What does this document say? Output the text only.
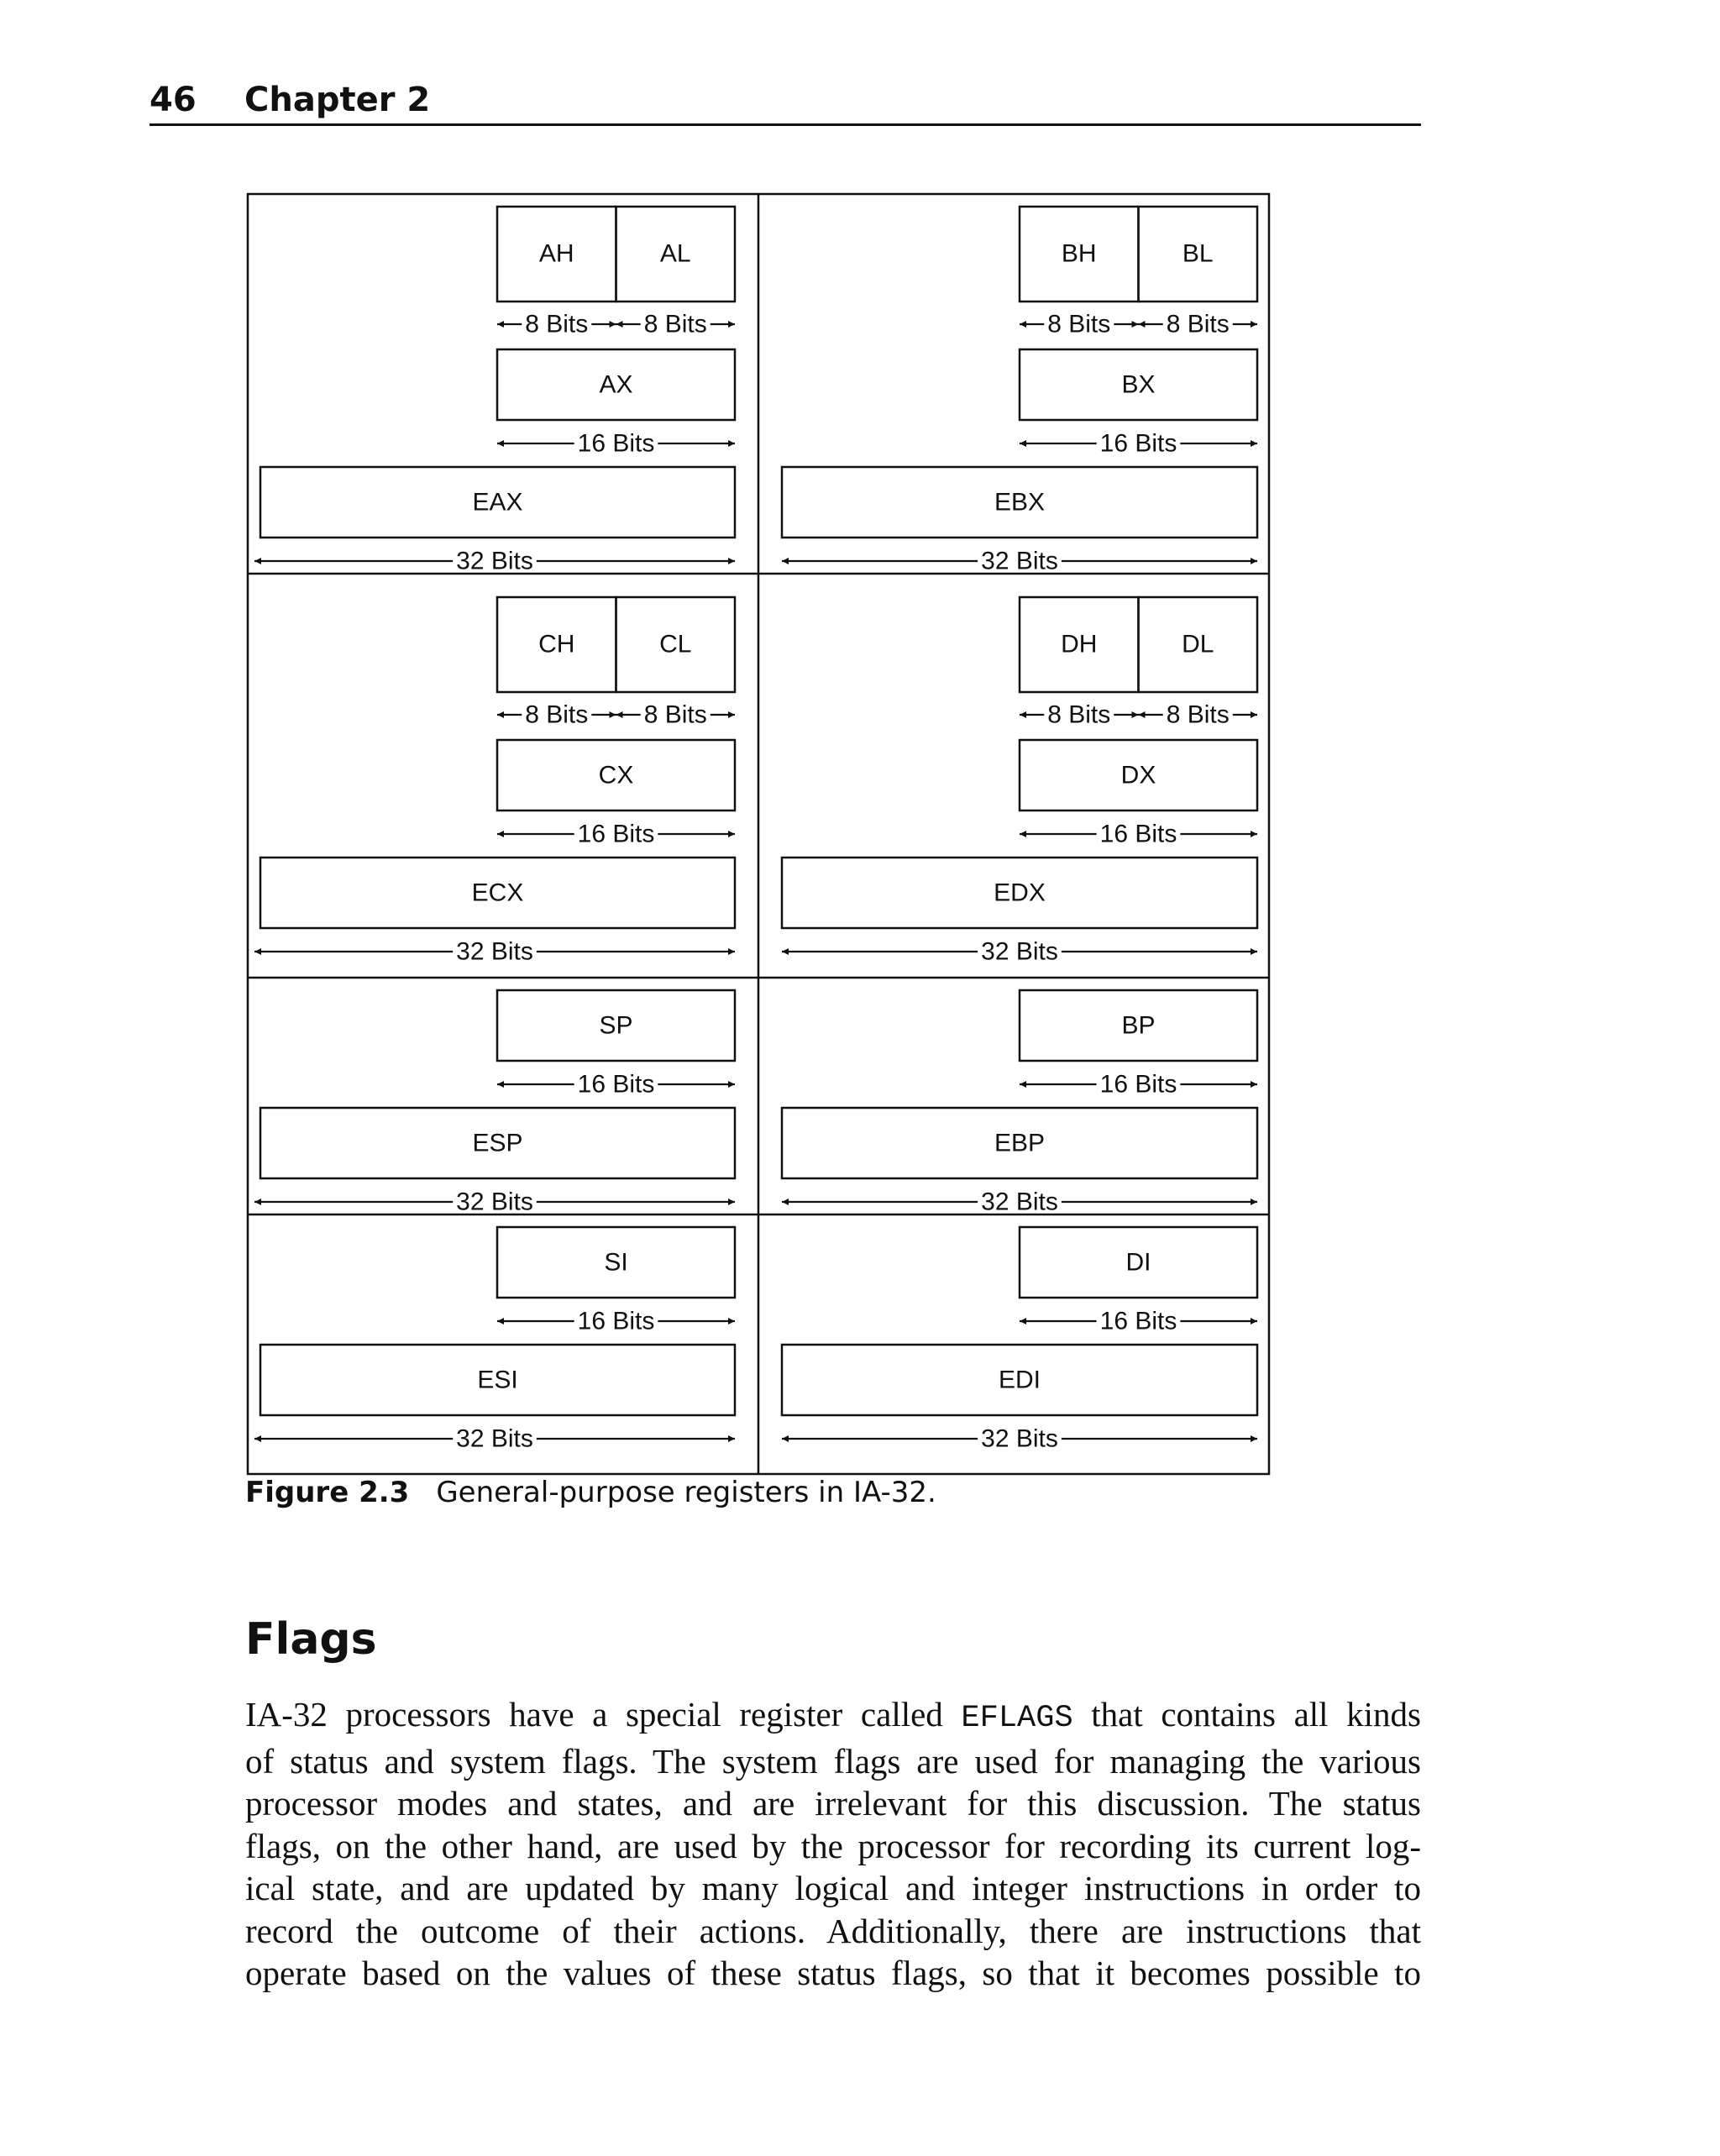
46 Chapter 2
AH	AL
8 Bits 8 Bits
AX
16 Bits
EAX
32 Bits
BH	BL
8 Bits 8 Bits
BX
16 Bits
EBX
32 Bits
CH	CL
8 Bits 8 Bits
CX
16 Bits
ECX
32 Bits
DH	DL
8 Bits 8 Bits
DX
16 Bits
EDX
32 Bits
SP
16 Bits
ESP
32 Bits
BP
16 Bits
EBP
32 Bits
SI
16 Bits
ESI
32 Bits
DI
16 Bits
EDI
32 Bits
Figure 2.3 General-purpose registers in IA-32.
Flags
IA-32 processors have a special register called EFLAGS that contains all kinds
of status and system flags. The system flags are used for managing the various
processor modes and states, and are irrelevant for this discussion. The status
flags, on the other hand, are used by the processor for recording its current log-
ical state, and are updated by many logical and integer instructions in order to
record the outcome of their actions. Additionally, there are instructions that
operate based on the values of these status flags, so that it becomes possible to
